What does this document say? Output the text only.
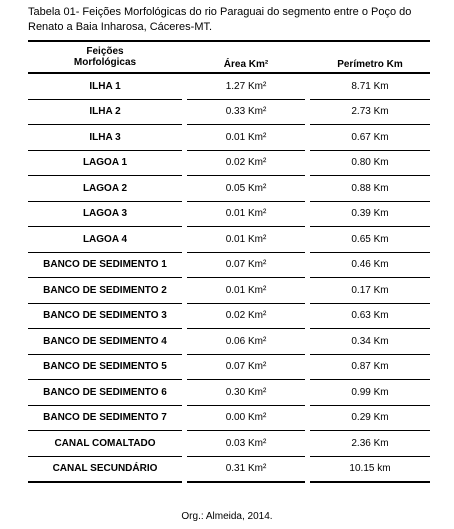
Tabela 01- Feições Morfológicas do rio Paraguai do segmento entre o Poço do Renato a Baia Inharosa, Cáceres-MT.
Feições
Morfológicas		Área Km²		Perímetro Km
ILHA 1		1.27 Km²		8.71 Km
ILHA 2		0.33 Km²		2.73 Km
ILHA 3		0.01 Km²		0.67 Km
LAGOA 1		0.02 Km²		0.80 Km
LAGOA 2		0.05 Km²		0.88 Km
LAGOA 3		0.01 Km²		0.39 Km
LAGOA 4		0.01 Km²		0.65 Km
BANCO DE SEDIMENTO 1		0.07 Km²		0.46 Km
BANCO DE SEDIMENTO 2		0.01 Km²		0.17 Km
BANCO DE SEDIMENTO 3		0.02 Km²		0.63 Km
BANCO DE SEDIMENTO 4		0.06 Km²		0.34 Km
BANCO DE SEDIMENTO 5		0.07 Km²		0.87 Km
BANCO DE SEDIMENTO 6		0.30 Km²		0.99 Km
BANCO DE SEDIMENTO 7		0.00 Km²		0.29 Km
CANAL COMALTADO		0.03 Km²		2.36 Km
CANAL SECUNDÁRIO		0.31 Km²		10.15 km
Org.: Almeida, 2014.
